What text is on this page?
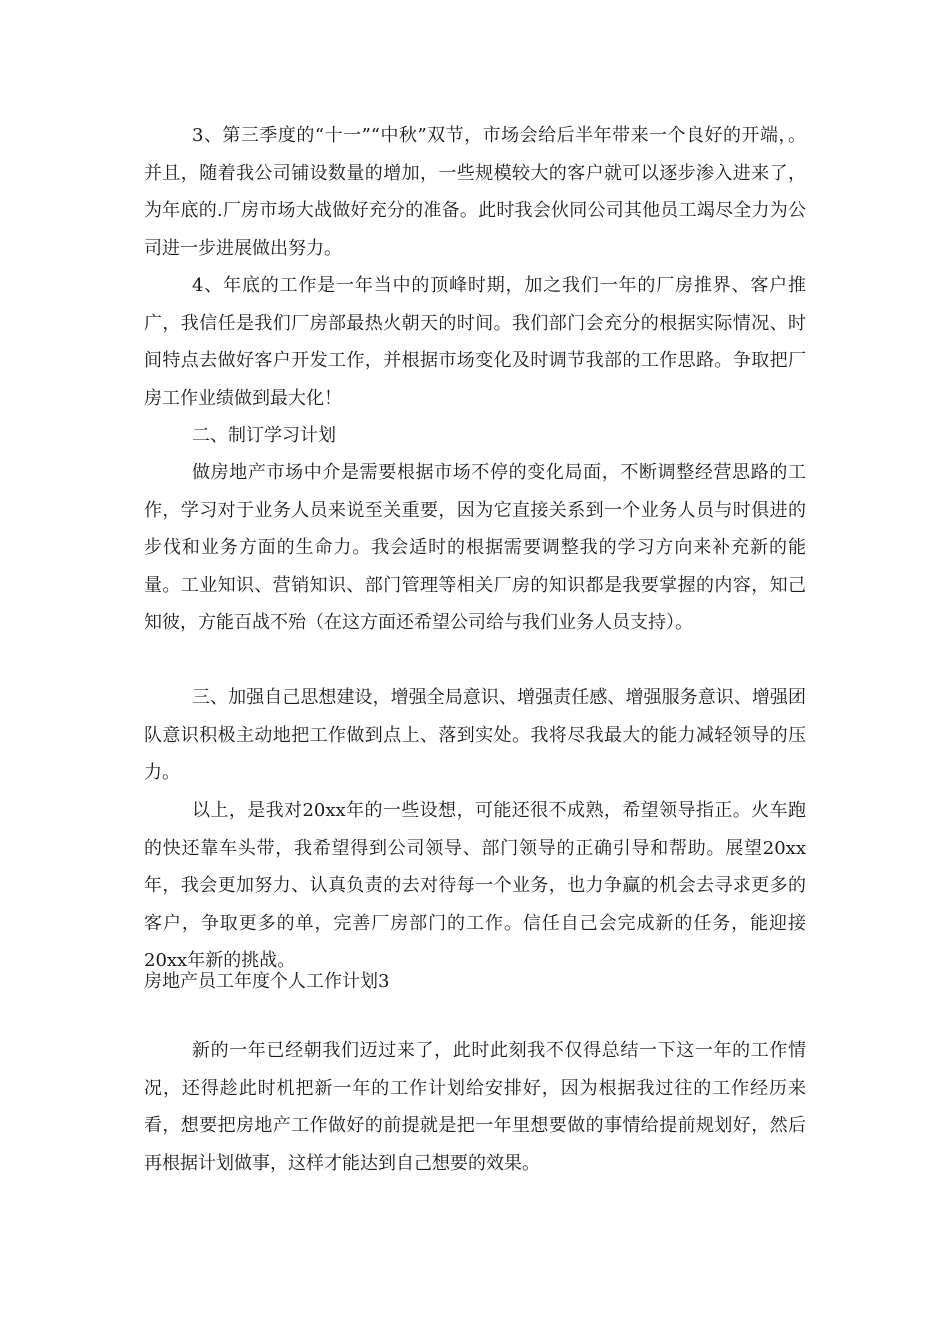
3、第三季度的“十一”“中秋”双节，市场会给后半年带来一个良好的开端，。并且，随着我公司铺设数量的增加，一些规模较大的客户就可以逐步渗入进来了，为年底的.厂房市场大战做好充分的准备。此时我会伙同公司其他员工竭尽全力为公司进一步进展做出努力。

4、年底的工作是一年当中的顶峰时期，加之我们一年的厂房推界、客户推广，我信任是我们厂房部最热火朝天的时间。我们部门会充分的根据实际情况、时间特点去做好客户开发工作，并根据市场变化及时调节我部的工作思路。争取把厂房工作业绩做到最大化！

二、制订学习计划

做房地产市场中介是需要根据市场不停的变化局面，不断调整经营思路的工作，学习对于业务人员来说至关重要，因为它直接关系到一个业务人员与时俱进的步伐和业务方面的生命力。我会适时的根据需要调整我的学习方向来补充新的能量。工业知识、营销知识、部门管理等相关厂房的知识都是我要掌握的内容，知己知彼，方能百战不殆（在这方面还希望公司给与我们业务人员支持）。

三、加强自己思想建设，增强全局意识、增强责任感、增强服务意识、增强团队意识积极主动地把工作做到点上、落到实处。我将尽我最大的能力减轻领导的压力。

以上，是我对20xx年的一些设想，可能还很不成熟，希望领导指正。火车跑的快还靠车头带，我希望得到公司领导、部门领导的正确引导和帮助。展望20xx年，我会更加努力、认真负责的去对待每一个业务，也力争赢的机会去寻求更多的客户，争取更多的单，完善厂房部门的工作。信任自己会完成新的任务，能迎接20xx年新的挑战。

房地产员工年度个人工作计划3

新的一年已经朝我们迈过来了，此时此刻我不仅得总结一下这一年的工作情况，还得趁此时机把新一年的工作计划给安排好，因为根据我过往的工作经历来看，想要把房地产工作做好的前提就是把一年里想要做的事情给提前规划好，然后再根据计划做事，这样才能达到自己想要的效果。
